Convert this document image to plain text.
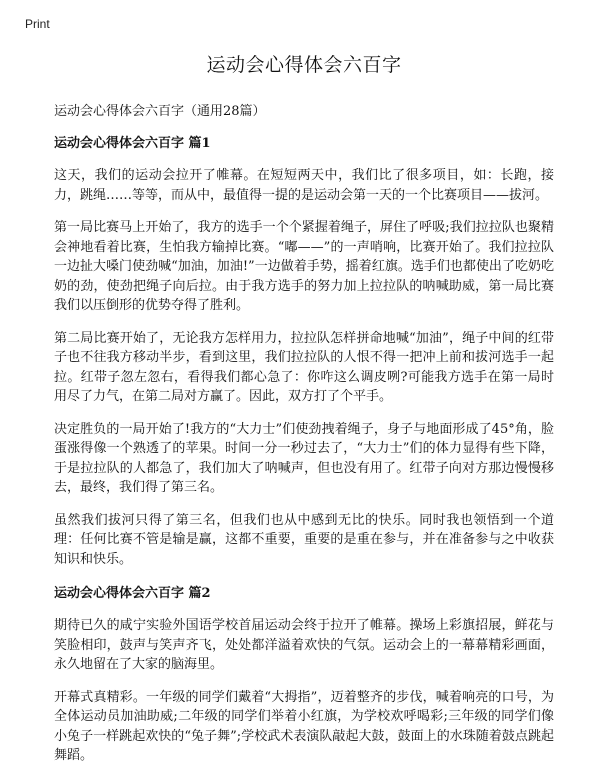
Print
运动会心得体会六百字

运动会心得体会六百字（通用28篇）

运动会心得体会六百字 篇1

这天，我们的运动会拉开了帷幕。在短短两天中，我们比了很多项目，如：长跑，接力，跳绳……等等，而从中，最值得一提的是运动会第一天的一个比赛项目——拔河。

第一局比赛马上开始了，我方的选手一个个紧握着绳子，屏住了呼吸;我们拉拉队也聚精会神地看着比赛，生怕我方输掉比赛。“嘟——”的一声哨响，比赛开始了。我们拉拉队一边扯大嗓门使劲喊“加油，加油!”一边做着手势，摇着红旗。选手们也都使出了吃奶吃奶的劲，使劲把绳子向后拉。由于我方选手的努力加上拉拉队的呐喊助威，第一局比赛我们以压倒形的优势夺得了胜利。

第二局比赛开始了，无论我方怎样用力，拉拉队怎样拼命地喊“加油”，绳子中间的红带子也不往我方移动半步，看到这里，我们拉拉队的人恨不得一把冲上前和拔河选手一起拉。红带子忽左忽右，看得我们都心急了：你咋这么调皮咧?可能我方选手在第一局时用尽了力气，在第二局对方赢了。因此，双方打了个平手。

决定胜负的一局开始了!我方的“大力士”们使劲拽着绳子，身子与地面形成了45°角，脸蛋涨得像一个熟透了的苹果。时间一分一秒过去了，“大力士”们的体力显得有些下降，于是拉拉队的人都急了，我们加大了呐喊声，但也没有用了。红带子向对方那边慢慢移去，最终，我们得了第三名。

虽然我们拔河只得了第三名，但我们也从中感到无比的快乐。同时我也领悟到一个道理：任何比赛不管是输是赢，这都不重要，重要的是重在参与，并在准备参与之中收获知识和快乐。

运动会心得体会六百字 篇2

期待已久的咸宁实验外国语学校首届运动会终于拉开了帷幕。操场上彩旗招展，鲜花与笑脸相印，鼓声与笑声齐飞，处处都洋溢着欢快的气氛。运动会上的一幕幕精彩画面，永久地留在了大家的脑海里。

开幕式真精彩。一年级的同学们戴着“大拇指”，迈着整齐的步伐，喊着响亮的口号，为全体运动员加油助威;二年级的同学们举着小红旗，为学校欢呼喝彩;三年级的同学们像小兔子一样跳起欢快的“兔子舞”;学校武术表演队敲起大鼓，鼓面上的水珠随着鼓点跳起舞蹈。
